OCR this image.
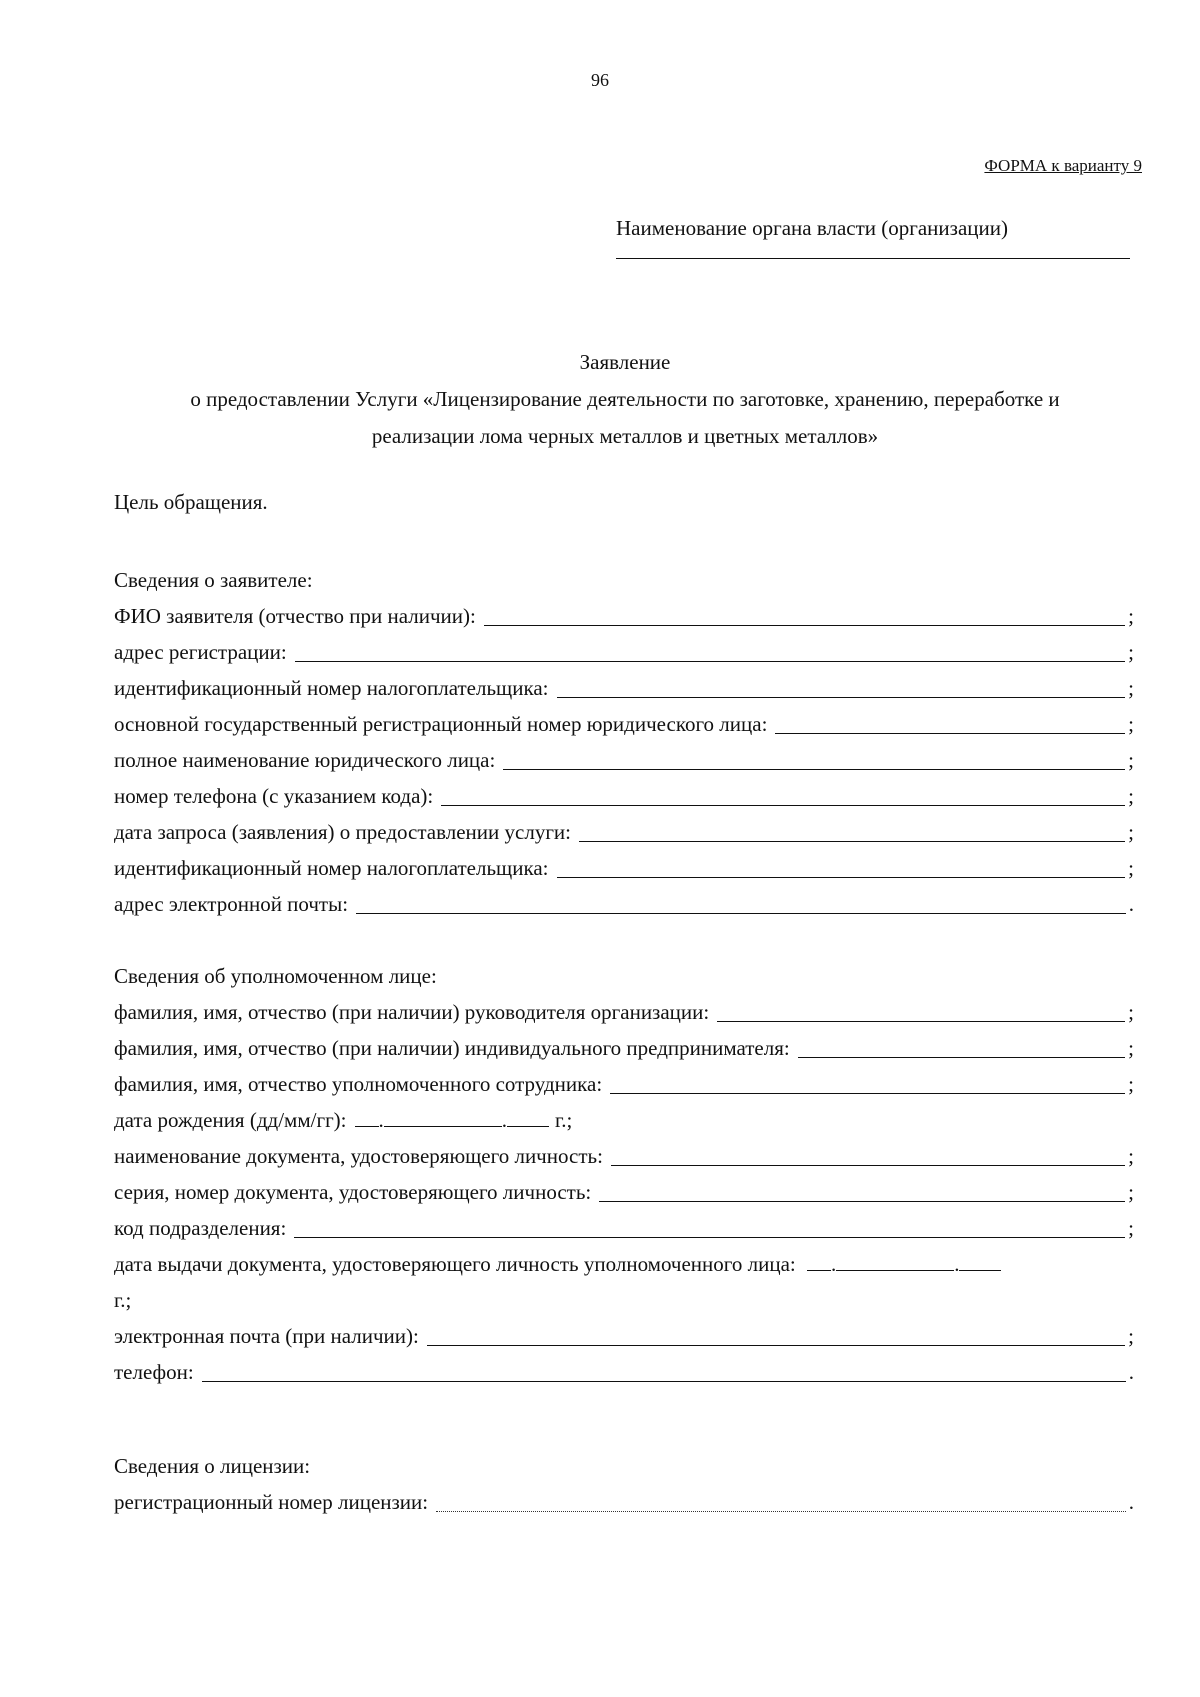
96
ФОРМА к варианту 9
Наименование органа власти (организации)
Заявление
о предоставлении Услуги «Лицензирование деятельности по заготовке, хранению, переработке и
реализации лома черных металлов и цветных металлов»
Цель обращения.
Сведения о заявителе:
ФИО заявителя (отчество при наличии):	;
адрес регистрации:	;
идентификационный номер налогоплательщика:	;
основной государственный регистрационный номер юридического лица:	;
полное наименование юридического лица:	;
номер телефона (с указанием кода):	;
дата запроса (заявления) о предоставлении услуги:	;
идентификационный номер налогоплательщика:	;
адрес электронной почты:	.
Сведения об уполномоченном лице:
фамилия, имя, отчество (при наличии) руководителя организации:	;
фамилия, имя, отчество (при наличии) индивидуального предпринимателя:	;
фамилия, имя, отчество уполномоченного сотрудника:	;
дата рождения (дд/мм/гг):	.	.	г.;
наименование документа, удостоверяющего личность:	;
серия, номер документа, удостоверяющего личность:	;
код подразделения:	;
дата выдачи документа, удостоверяющего личность уполномоченного лица: .	.
г.;
электронная почта (при наличии):	;
телефон:	.
Сведения о лицензии:
регистрационный номер лицензии:	.
